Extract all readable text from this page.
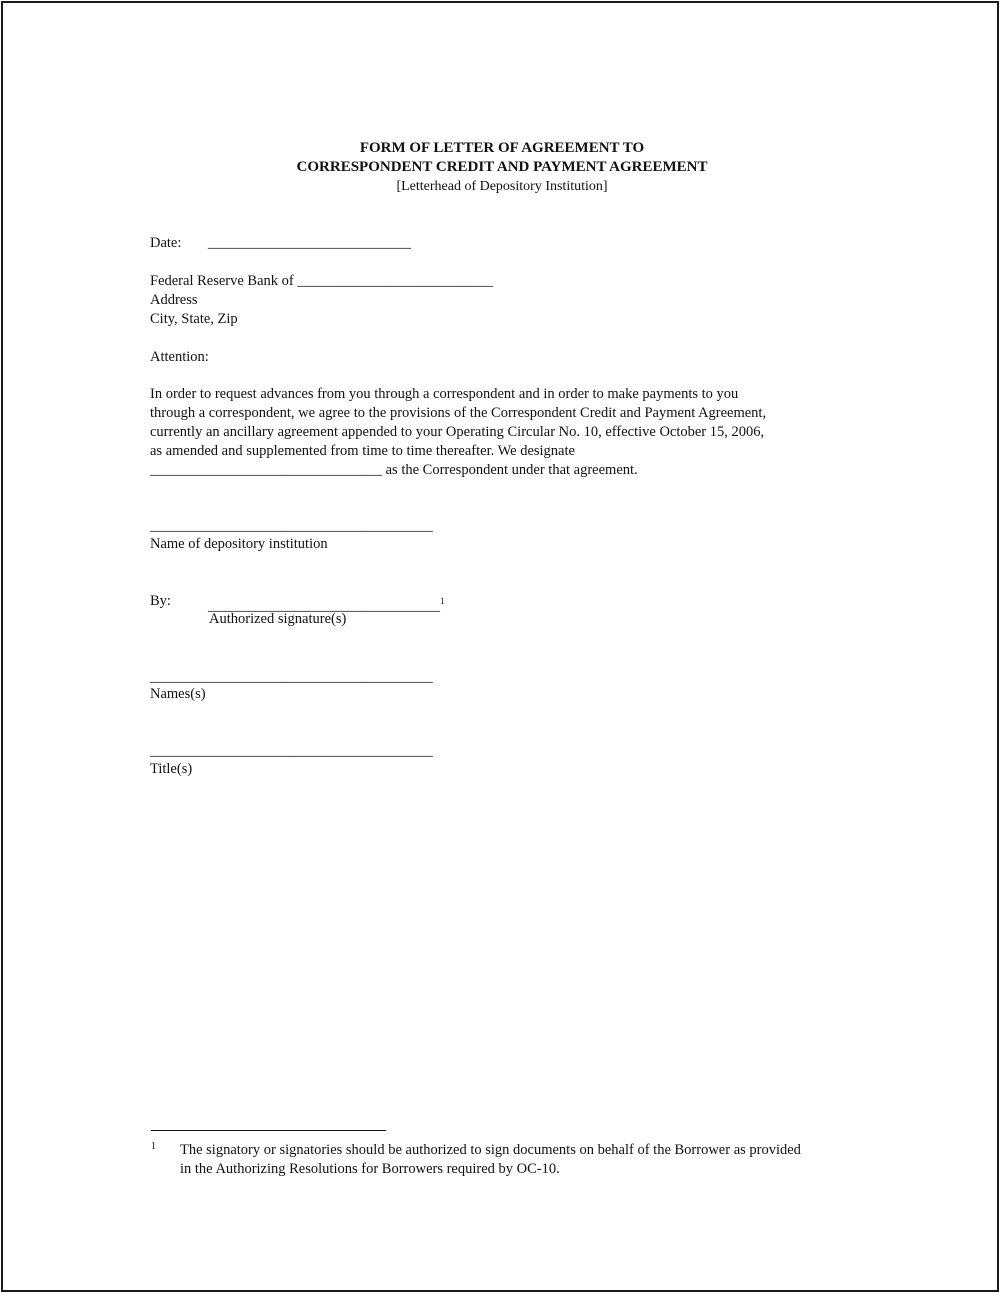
FORM OF LETTER OF AGREEMENT TO
CORRESPONDENT CREDIT AND PAYMENT AGREEMENT
[Letterhead of Depository Institution]
Date: ____________________________
Federal Reserve Bank of ___________________________
Address
City, State, Zip
Attention:
In order to request advances from you through a correspondent and in order to make payments to you
through a correspondent, we agree to the provisions of the Correspondent Credit and Payment Agreement,
currently an ancillary agreement appended to your Operating Circular No. 10, effective October 15, 2006,
as amended and supplemented from time to time thereafter. We designate
________________________________ as the Correspondent under that agreement.
_______________________________________
Name of depository institution
By:	________________________________$^1$
Authorized signature(s)
_______________________________________
Names(s)
_______________________________________
Title(s)
1 The signatory or signatories should be authorized to sign documents on behalf of the Borrower as provided
in the Authorizing Resolutions for Borrowers required by OC-10.
